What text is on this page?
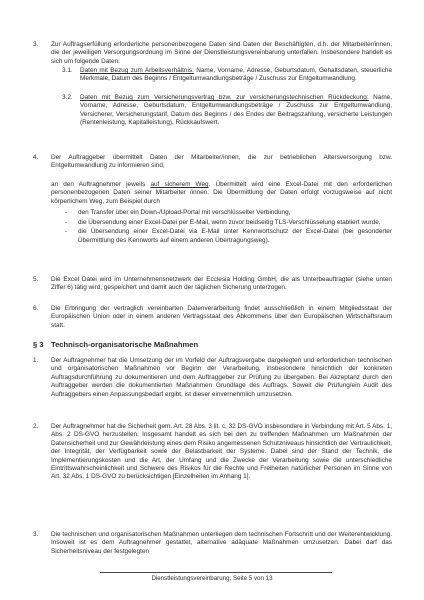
3. Zur Auftragserfüllung erforderliche personenbezogene Daten sind Daten der Beschäftigten, d.h. der Mitarbeiter/innen, die der jeweiligen Versorgungsordnung im Sinne der Dienstleistungsvereinbarung unterfallen. Insbesondere handelt es sich um folgende Daten:
3.1. Daten mit Bezug zum Arbeitsverhältnis: Name, Vorname, Adresse, Geburtsdatum, Gehaltsdaten, steuerliche Merkmale, Datum des Beginns / Entgeltumwandlungsbeträge / Zuschuss zur Entgeltumwandlung.
3.2. Daten mit Bezug zum Versicherungsvertrag bzw. zur versicherungstechnischen Rückdeckung: Name, Vorname, Adresse, Geburtsdatum, Entgeltumwandlungsbeträge / Zuschuss zur Entgeltumwandlung, Versicherer, Versicherungstarif, Datum des Beginns / des Endes der Beitragszahlung, versicherte Leistungen (Rentenleistung, Kapitalleistung), Rückkaufswert.
4. Der Auftraggeber übermittelt Daten der Mitarbeiter/innen, die zur betrieblichen Altersversorgung bzw. Entgeltumwandlung zu informieren sind,
an den Auftragnehmer jeweils auf sicherem Weg. Übermittelt wird eine Excel-Datei mit den erforderlichen personenbezogenen Daten seiner Mitarbeiter /innen. Die Übermittlung der Daten erfolgt vorzugsweise auf nicht körperlichem Weg, zum Beispiel durch
- den Transfer über ein Down-/Upload-Portal mit verschlüsselter Verbindung,
- die Übersendung einer Excel-Datei per E-Mail, wenn zuvor beidseitig TLS-Verschlüsselung etabliert wurde,
- die Übersendung einer Excel-Datei via E-Mail unter Kennwortschutz der Excel-Datei (bei gesonderter Übermittlung des Kennworts auf einem anderen Übertragungsweg).
5. Die Excel Datei wird im Unternehmensnetzwerk der Ecclesia Holding GmbH, die als Unterbeauftragter (siehe unten Ziffer 6) tätig wird, gespeichert und damit auch der täglichen Sicherung unterzogen.
6. Die Erbringung der vertraglich vereinbarten Datenverarbeitung findet ausschließlich in einem Mitgliedsstaat der Europäischen Union oder in einem anderen Vertragsstaat des Abkommens über den Europäischen Wirtschaftsraum statt.
§ 3 Technisch-organisatorische Maßnahmen
1. Der Auftragnehmer hat die Umsetzung der im Vorfeld der Auftragsvergabe dargelegten und erforderlichen technischen und organisatorischen Maßnahmen vor Beginn der Verarbeitung, insbesondere hinsichtlich der konkreten Auftragsdurchführung zu dokumentieren und dem Auftraggeber zur Prüfung zu übergeben. Bei Akzeptanz durch den Auftraggeber werden die dokumentierten Maßnahmen Grundlage des Auftrags. Soweit die Prüfung/ein Audit des Auftraggebers einen Anpassungsbedarf ergibt, ist dieser einvernehmlich umzusetzen.
2. Der Auftragnehmer hat die Sicherheit gem. Art. 28 Abs. 3 lit. c, 32 DS-GVO insbesondere in Verbindung mit Art. 5 Abs. 1, Abs. 2 DS-GVO herzustellen. Insgesamt handelt es sich bei den zu treffenden Maßnahmen um Maßnahmen der Datensicherheit und zur Gewährleistung eines dem Risiko angemessenen Schutzniveaus hinsichtlich der Vertraulichkeit, der Integrität, der Verfügbarkeit sowie der Belastbarkeit der Systeme. Dabei sind der Stand der Technik, die Implementierungskosten und die Art, der Umfang und die Zwecke der Verarbeitung sowie die unterschiedliche Eintrittswahrscheinlichkeit und Schwere des Risikos für die Rechte und Freiheiten natürlicher Personen im Sinne von Art. 32 Abs. 1 DS-GVO zu berücksichtigen [Einzelheiten im Anhang 1].
3. Die technischen und organisatorischen Maßnahmen unterliegen dem technischen Fortschritt und der Weiterentwicklung. Insoweit ist es dem Auftragnehmer gestattet, alternative adäquate Maßnahmen umzusetzen. Dabei darf das Sicherheitsniveau der festgelegten
Dienstleistungsvereinbarung, Seite 5 von 13
